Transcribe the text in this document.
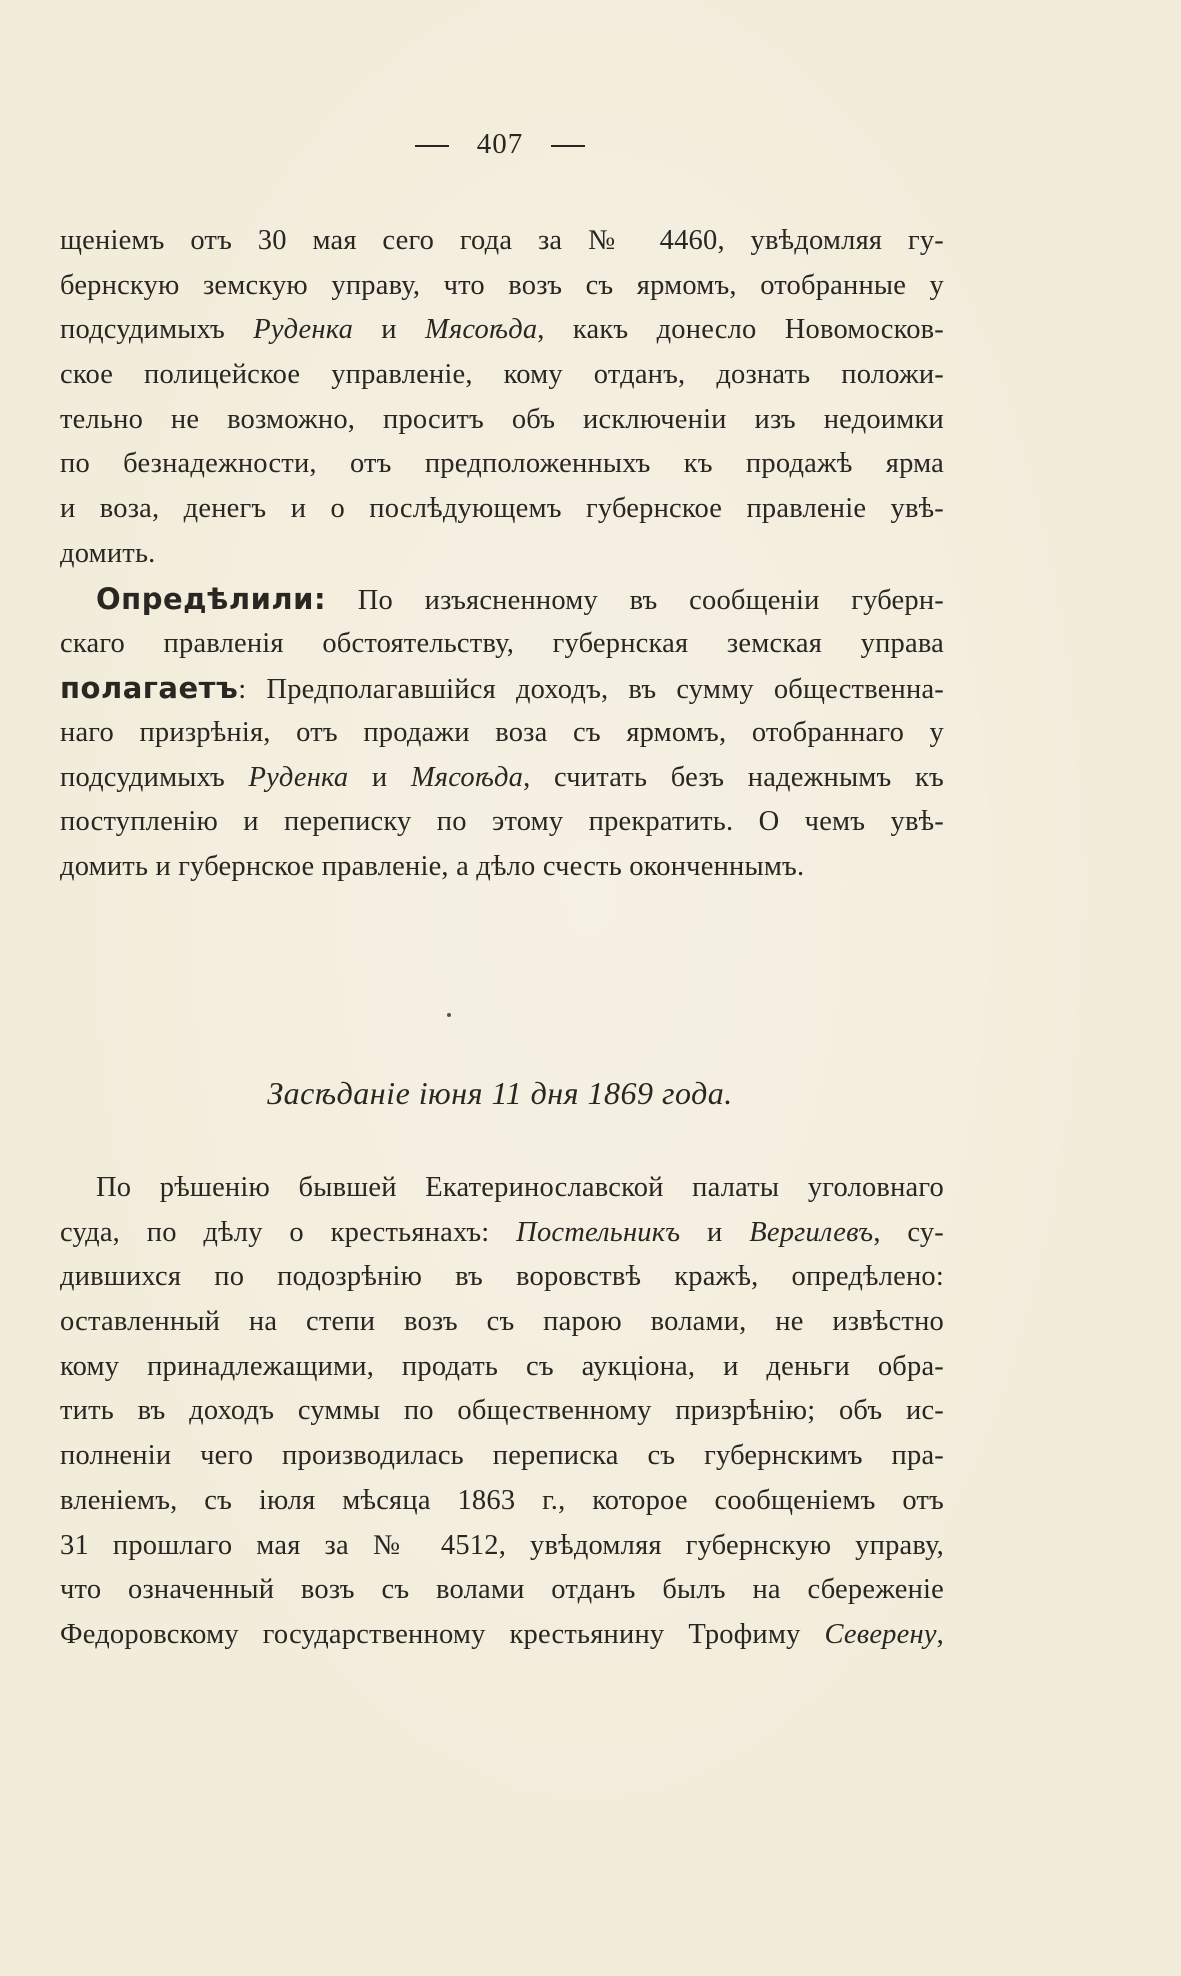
407
щеніемъ отъ 30 мая сего года за № 4460, увѣдомляя гу-
бернскую земскую управу, что возъ съ ярмомъ, отобранные у
подсудимыхъ Руденка и Мясоѣда, какъ донесло Новомосков-
ское полицейское управленіе, кому отданъ, дознать положи-
тельно не возможно, проситъ объ исключеніи изъ недоимки
по безнадежности, отъ предположенныхъ къ продажѣ ярма
и воза, денегъ и о послѣдующемъ губернское правленіе увѣ-
домить.
Опредѣлили: По изъясненному въ сообщеніи губерн-
скаго правленія обстоятельству, губернская земская управа
полагаетъ: Предполагавшійся доходъ, въ сумму общественна-
наго призрѣнія, отъ продажи воза съ ярмомъ, отобраннаго у
подсудимыхъ Руденка и Мясоѣда, считать безъ надежнымъ къ
поступленію и переписку по этому прекратить. О чемъ увѣ-
домить и губернское правленіе, а дѣло счесть оконченнымъ.
Засѣданіе іюня 11 дня 1869 года.
По рѣшенію бывшей Екатеринославской палаты уголовнаго
суда, по дѣлу о крестьянахъ: Постельникъ и Вергилевъ, су-
дившихся по подозрѣнію въ воровствѣ кражѣ, опредѣлено:
оставленный на степи возъ съ парою волами, не извѣстно
кому принадлежащими, продать съ аукціона, и деньги обра-
тить въ доходъ суммы по общественному призрѣнію; объ ис-
полненіи чего производилась переписка съ губернскимъ пра-
вленіемъ, съ іюля мѣсяца 1863 г., которое сообщеніемъ отъ
31 прошлаго мая за № 4512, увѣдомляя губернскую управу,
что означенный возъ съ волами отданъ былъ на сбереженіе
Федоровскому государственному крестьянину Трофиму Северену,
